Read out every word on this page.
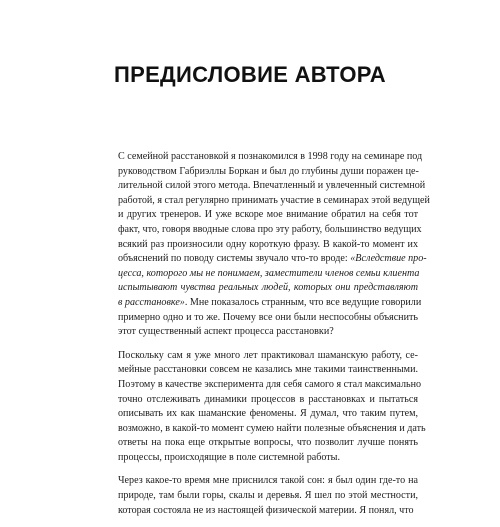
ПРЕДИСЛОВИЕ АВТОРА

С семейной расстановкой я познакомился в 1998 году на семинаре под
руководством Габриэллы Боркан и был до глубины души поражен це-
лительной силой этого метода. Впечатленный и увлеченный системной
работой, я стал регулярно принимать участие в семинарах этой ведущей
и других тренеров. И уже вскоре мое внимание обратил на себя тот
факт, что, говоря вводные слова про эту работу, большинство ведущих
всякий раз произносили одну короткую фразу. В какой-то момент их
объяснений по поводу системы звучало что-то вроде: «Вследствие про-
цесса, которого мы не понимаем, заместители членов семьи клиента
испытывают чувства реальных людей, которых они представляют
в расстановке». Мне показалось странным, что все ведущие говорили
примерно одно и то же. Почему все они были неспособны объяснить
этот существенный аспект процесса расстановки?

Поскольку сам я уже много лет практиковал шаманскую работу, се-
мейные расстановки совсем не казались мне такими таинственными.
Поэтому в качестве эксперимента для себя самого я стал максимально
точно отслеживать динамики процессов в расстановках и пытаться
описывать их как шаманские феномены. Я думал, что таким путем,
возможно, в какой-то момент сумею найти полезные объяснения и дать
ответы на пока еще открытые вопросы, что позволит лучше понять
процессы, происходящие в поле системной работы.

Через какое-то время мне приснился такой сон: я был один где-то на
природе, там были горы, скалы и деревья. Я шел по этой местности,
которая состояла не из настоящей физической материи. Я понял, что
